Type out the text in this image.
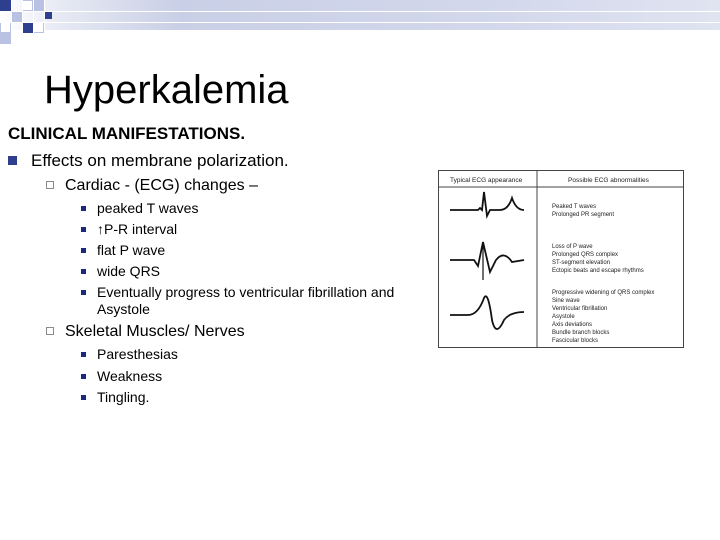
Hyperkalemia
CLINICAL MANIFESTATIONS.
Effects on membrane polarization.
Cardiac - (ECG) changes –
peaked T waves
↑P-R interval
flat P wave
wide QRS
Eventually progress to ventricular fibrillation and Asystole
Skeletal Muscles/ Nerves
Paresthesias
Weakness
Tingling.
Typical ECG appearance	Possible ECG abnormalities
Peaked T waves
Prolonged PR segment
Loss of P wave
Prolonged QRS complex
ST-segment elevation
Ectopic beats and escape rhythms
Progressive widening of QRS complex
Sine wave
Ventricular fibrillation
Asystole
Axis deviations
Bundle branch blocks
Fascicular blocks
